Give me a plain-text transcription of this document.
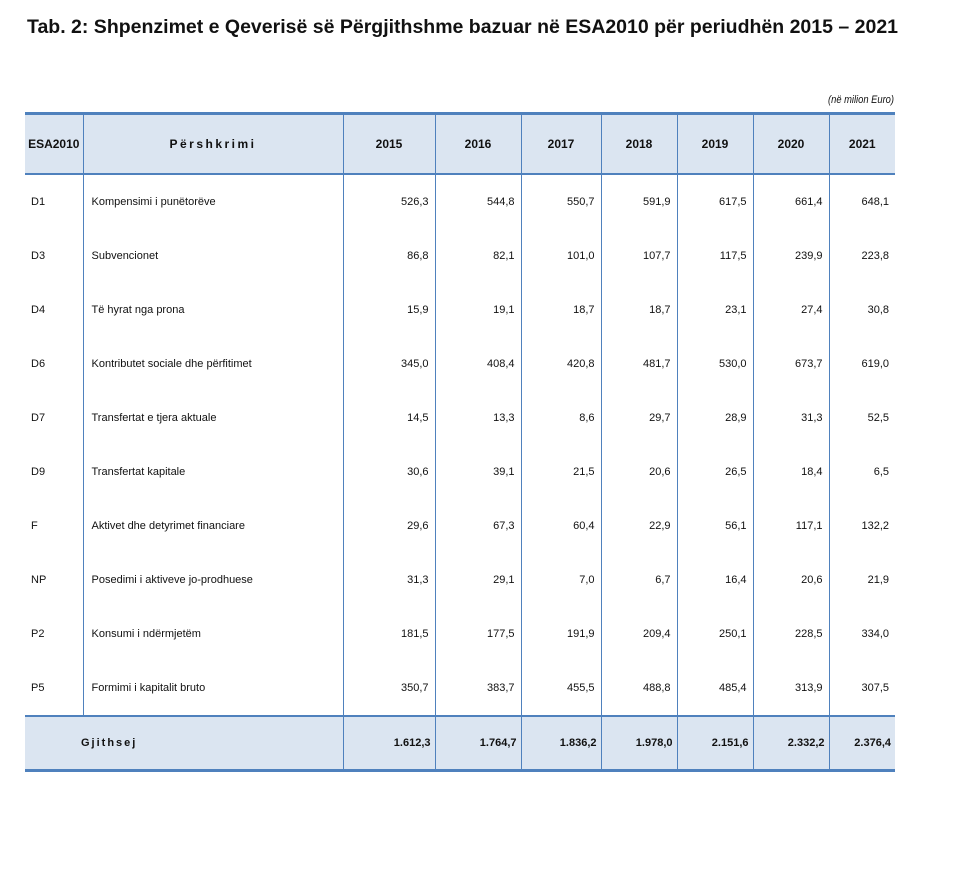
Tab. 2: Shpenzimet e Qeverisë së Përgjithshme bazuar në ESA2010 për periudhën 2015 – 2021
(në milion Euro)
ESA2010	Përshkrimi	2015	2016	2017	2018	2019	2020	2021
D1	Kompensimi i punëtorëve	526,3	544,8	550,7	591,9	617,5	661,4	648,1
D3	Subvencionet	86,8	82,1	101,0	107,7	117,5	239,9	223,8
D4	Të hyrat nga prona	15,9	19,1	18,7	18,7	23,1	27,4	30,8
D6	Kontributet sociale dhe përfitimet	345,0	408,4	420,8	481,7	530,0	673,7	619,0
D7	Transfertat e tjera aktuale	14,5	13,3	8,6	29,7	28,9	31,3	52,5
D9	Transfertat kapitale	30,6	39,1	21,5	20,6	26,5	18,4	6,5
F	Aktivet dhe detyrimet financiare	29,6	67,3	60,4	22,9	56,1	117,1	132,2
NP	Posedimi i aktiveve jo-prodhuese	31,3	29,1	7,0	6,7	16,4	20,6	21,9
P2	Konsumi i ndërmjetëm	181,5	177,5	191,9	209,4	250,1	228,5	334,0
P5	Formimi i kapitalit bruto	350,7	383,7	455,5	488,8	485,4	313,9	307,5
Gjithsej		1.612,3	1.764,7	1.836,2	1.978,0	2.151,6	2.332,2	2.376,4
